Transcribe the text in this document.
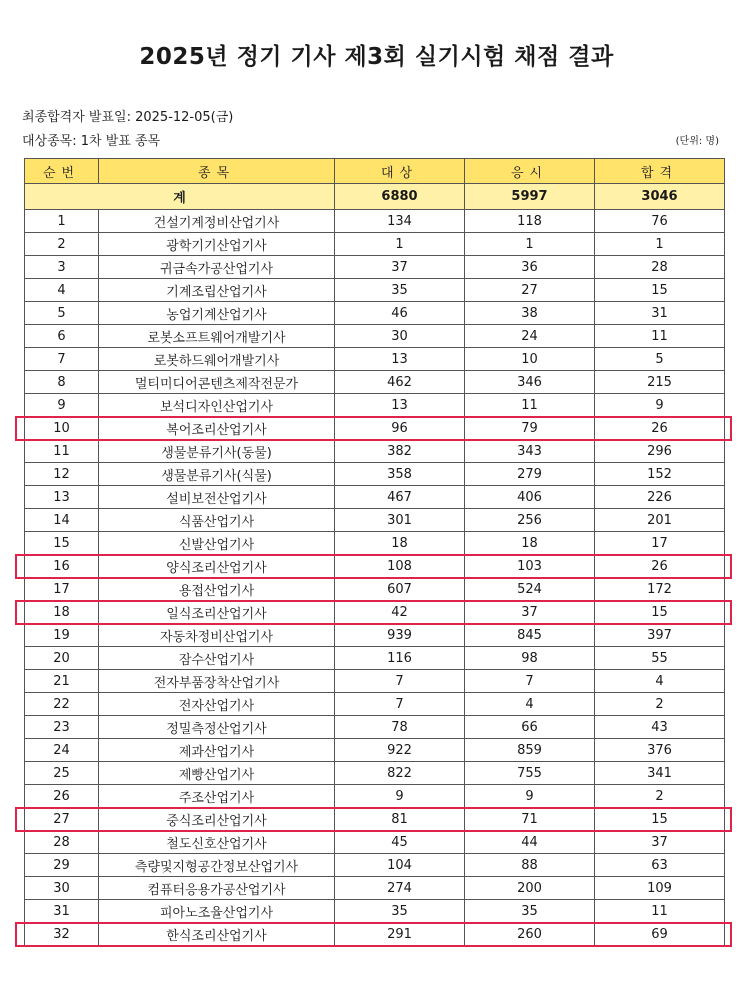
2025년 정기 기사 제3회 실기시험 채점 결과
최종합격자 발표일: 2025-12-05(금)
대상종목: 1차 발표 종목	(단위: 명)
순번	종목	대상	응시	합격
계		6880	5997	3046
1	건설기계정비산업기사	134	118	76
2	광학기기산업기사	1	1	1
3	귀금속가공산업기사	37	36	28
4	기계조립산업기사	35	27	15
5	농업기계산업기사	46	38	31
6	로봇소프트웨어개발기사	30	24	11
7	로봇하드웨어개발기사	13	10	5
8	멀티미디어콘텐츠제작전문가	462	346	215
9	보석디자인산업기사	13	11	9
10	복어조리산업기사	96	79	26
11	생물분류기사(동물)	382	343	296
12	생물분류기사(식물)	358	279	152
13	설비보전산업기사	467	406	226
14	식품산업기사	301	256	201
15	신발산업기사	18	18	17
16	양식조리산업기사	108	103	26
17	용접산업기사	607	524	172
18	일식조리산업기사	42	37	15
19	자동차정비산업기사	939	845	397
20	잠수산업기사	116	98	55
21	전자부품장착산업기사	7	7	4
22	전자산업기사	7	4	2
23	정밀측정산업기사	78	66	43
24	제과산업기사	922	859	376
25	제빵산업기사	822	755	341
26	주조산업기사	9	9	2
27	중식조리산업기사	81	71	15
28	철도신호산업기사	45	44	37
29	측량및지형공간정보산업기사	104	88	63
30	컴퓨터응용가공산업기사	274	200	109
31	피아노조율산업기사	35	35	11
32	한식조리산업기사	291	260	69
